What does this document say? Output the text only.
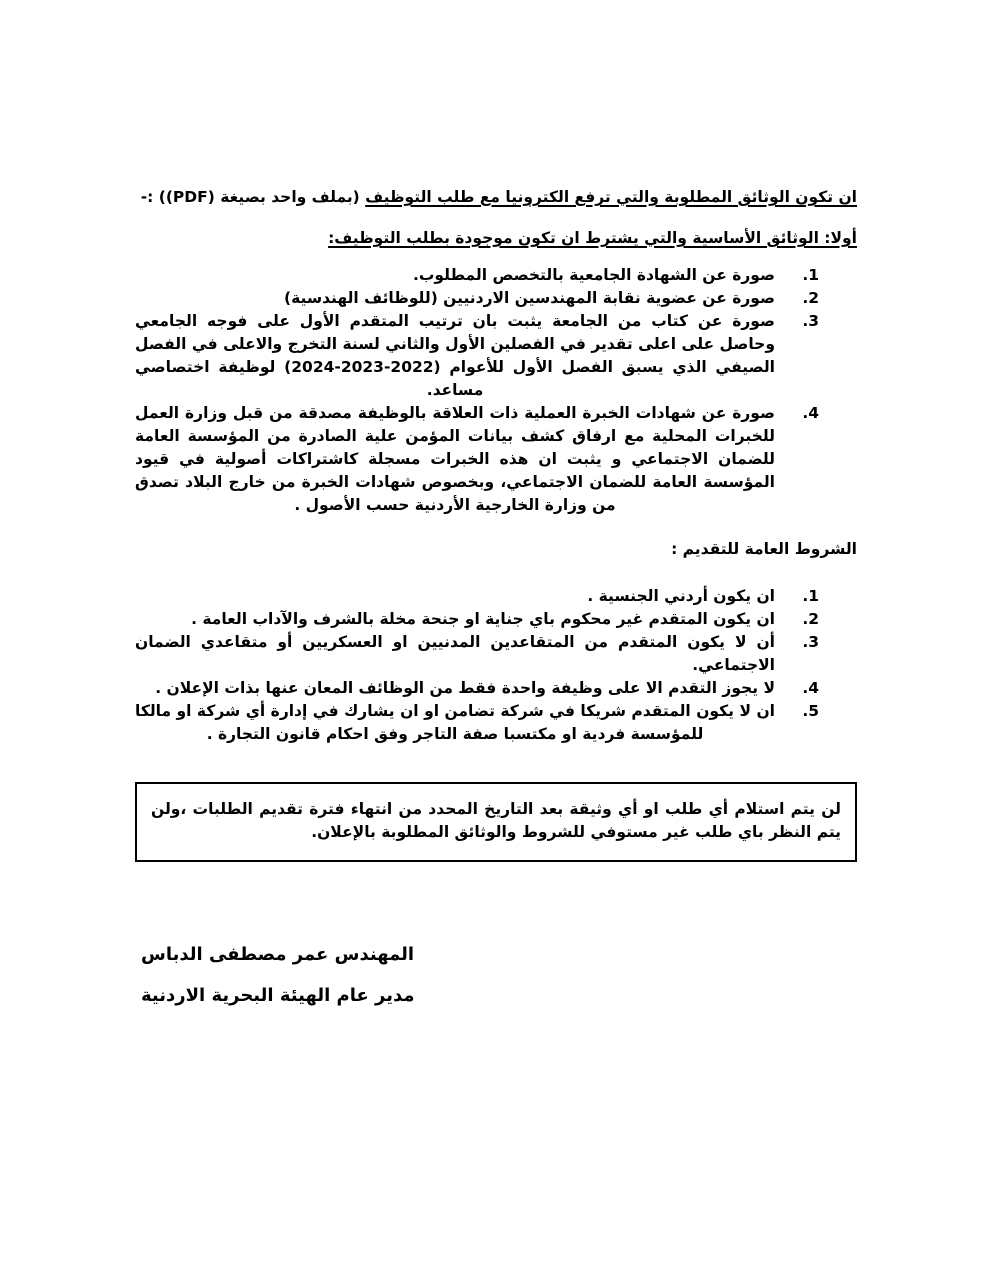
ان تكون الوثائق المطلوبة والتي ترفع الكترونيا مع طلب التوظيف (بملف واحد بصيغة (PDF)) :-
أولا: الوثائق الأساسية والتي يشترط ان تكون موجودة بطلب التوظيف:
1.
صورة عن الشهادة الجامعية بالتخصص المطلوب.
2.
صورة عن عضوية نقابة المهندسين الاردنيين (للوظائف الهندسية)
3.
صورة عن كتاب من الجامعة يثبت بان ترتيب المتقدم الأول على فوجه الجامعي وحاصل على اعلى تقدير في الفصلين الأول والثاني لسنة التخرج والاعلى في الفصل الصيفي الذي يسبق الفصل الأول للأعوام (2022-2023-2024) لوظيفة اختصاصي مساعد.
4.
صورة عن شهادات الخبرة العملية ذات العلاقة بالوظيفة مصدقة من قبل وزارة العمل للخبرات المحلية مع ارفاق كشف بيانات المؤمن علية الصادرة من المؤسسة العامة للضمان الاجتماعي و يثبت ان هذه الخبرات مسجلة كاشتراكات أصولية في قيود المؤسسة العامة للضمان الاجتماعي، وبخصوص شهادات الخبرة من خارج البلاد تصدق من وزارة الخارجية الأردنية حسب الأصول .
الشروط العامة للتقديم :
1.
ان يكون أردني الجنسية .
2.
ان يكون المتقدم غير محكوم باي جناية او جنحة مخلة بالشرف والآداب العامة .
3.
أن لا يكون المتقدم من المتقاعدين المدنيين او العسكريين أو متقاعدي الضمان الاجتماعي.
4.
لا يجوز التقدم الا على وظيفة واحدة فقط من الوظائف المعان عنها بذات الإعلان .
5.
ان لا يكون المتقدم شريكا في شركة تضامن او ان يشارك في إدارة أي شركة او مالكا للمؤسسة فردية او مكتسبا صفة التاجر وفق احكام قانون التجارة .
لن يتم استلام أي طلب او أي وثيقة بعد التاريخ المحدد من انتهاء فترة تقديم الطلبات ،ولن يتم النظر باي طلب غير مستوفي للشروط والوثائق المطلوبة بالإعلان.
المهندس عمر مصطفى الدباس
مدير عام الهيئة البحرية الاردنية
